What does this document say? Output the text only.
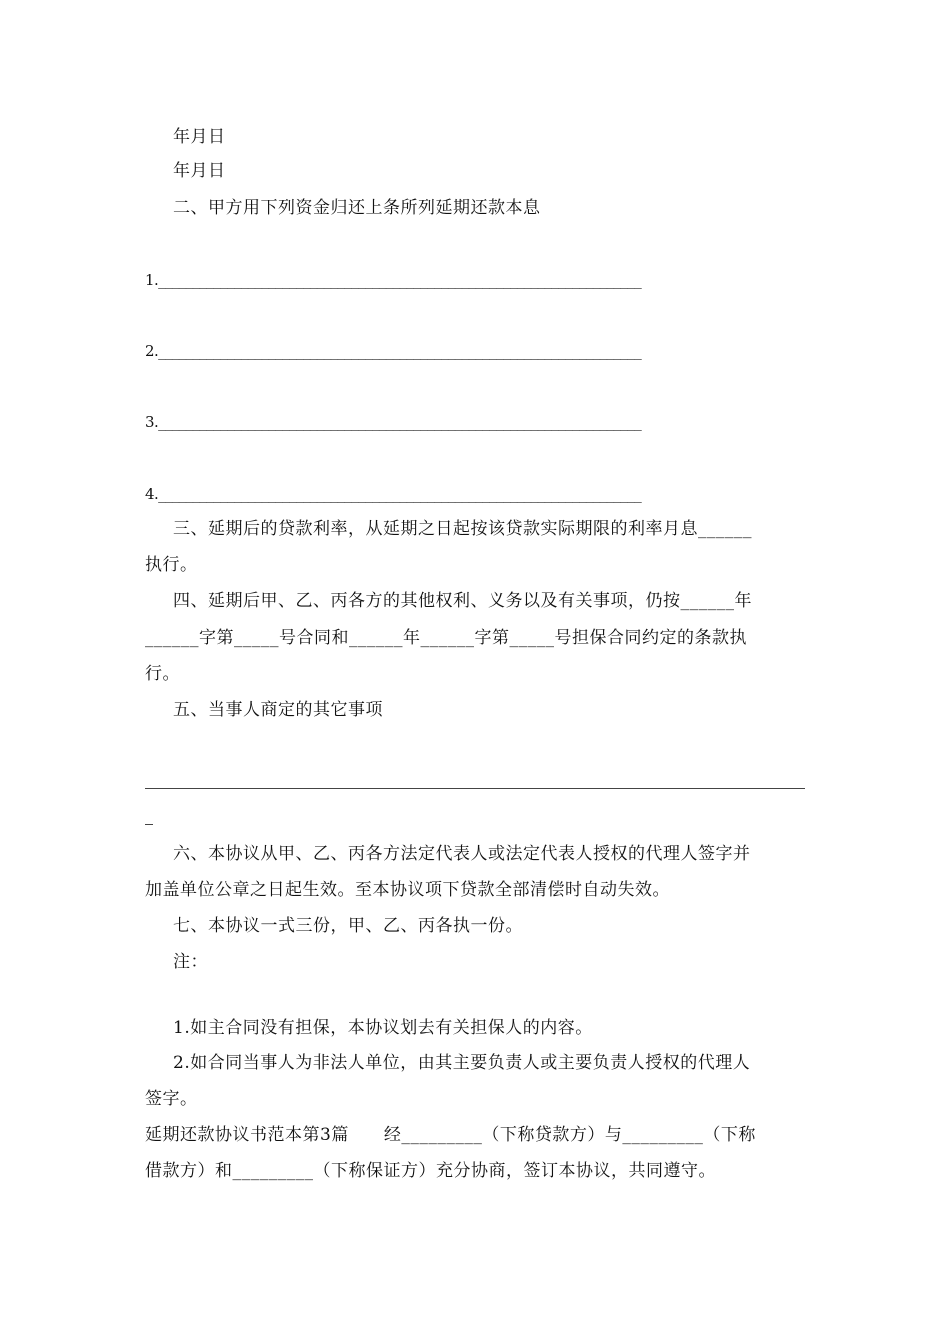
年月日
年月日
二、甲方用下列资金归还上条所列延期还款本息
1.______________________________________________________________________
2.______________________________________________________________________
3.______________________________________________________________________
4.______________________________________________________________________
三、延期后的贷款利率，从延期之日起按该贷款实际期限的利率月息______
执行。
四、延期后甲、乙、丙各方的其他权利、义务以及有关事项，仍按______年
______字第_____号合同和______年______字第_____号担保合同约定的条款执
行。
五、当事人商定的其它事项
六、本协议从甲、乙、丙各方法定代表人或法定代表人授权的代理人签字并
加盖单位公章之日起生效。至本协议项下贷款全部清偿时自动失效。
七、本协议一式三份，甲、乙、丙各执一份。
注：
1.如主合同没有担保，本协议划去有关担保人的内容。
2.如合同当事人为非法人单位，由其主要负责人或主要负责人授权的代理人
签字。
延期还款协议书范本第3篇　　经_________（下称贷款方）与_________（下称
借款方）和_________（下称保证方）充分协商，签订本协议，共同遵守。
